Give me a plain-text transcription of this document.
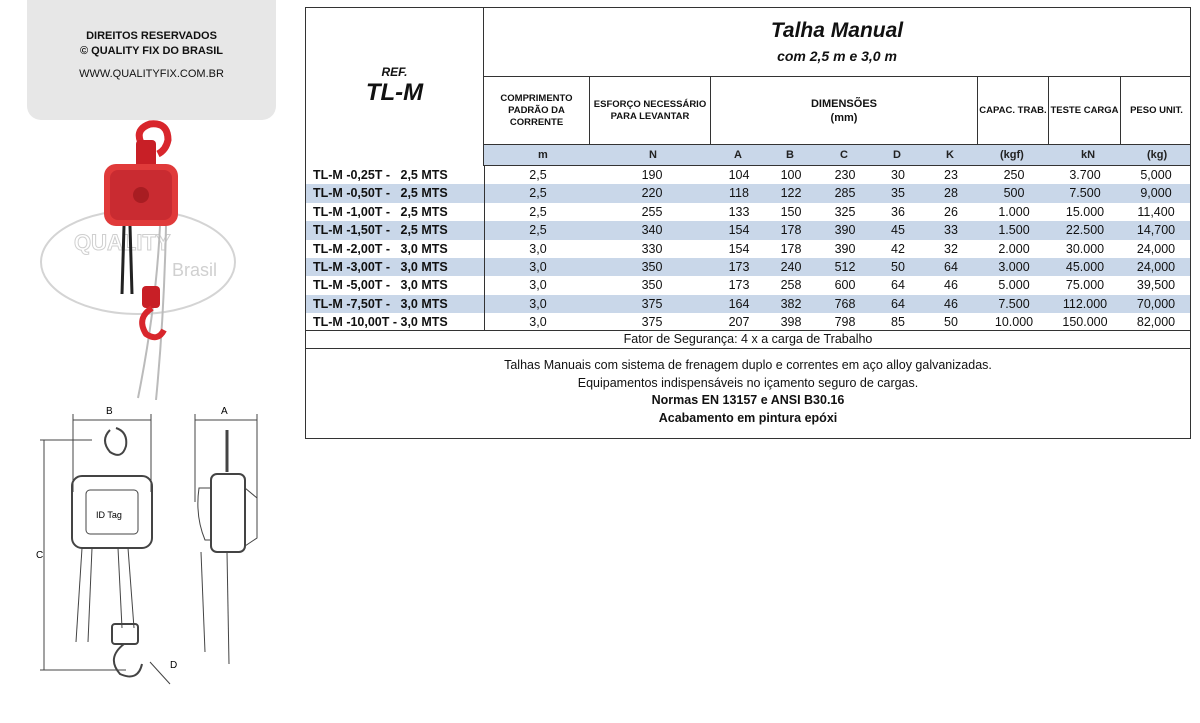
DIREITOS RESERVADOS
© QUALITY FIX DO BRASIL
WWW.QUALITYFIX.COM.BR
QUALITY
Brasil
B
C
D
ID Tag
A
REF.
TL-M
Talha Manual
com 2,5 m e 3,0 m
COMPRIMENTO PADRÃO DA CORRENTE
ESFORÇO NECESSÁRIO PARA LEVANTAR
DIMENSÕES
(mm)
CAPAC. TRAB. TESTE CARGA	PESO UNIT.
m	N	A	B	C	D	K	(kgf)	kN	(kg)
TL-M -0,25T -   2,5 MTS	2,5	190	104 100	230	30	23	250	3.700	5,000
TL-M -0,50T -   2,5 MTS	2,5	220	118	122	285	35	28	500	7.500	9,000
TL-M -1,00T -   2,5 MTS	2,5	255	133 150	325	36	26	1.000	15.000	11,400
TL-M -1,50T -   2,5 MTS	2,5	340	154 178	390	45	33	1.500	22.500	14,700
TL-M -2,00T -   3,0 MTS	3,0	330	154 178	390	42	32	2.000	30.000	24,000
TL-M -3,00T -   3,0 MTS	3,0	350	173 240	512	50	64	3.000	45.000	24,000
TL-M -5,00T -   3,0 MTS	3,0	350	173 258	600	64	46	5.000	75.000	39,500
TL-M -7,50T -   3,0 MTS	3,0	375	164 382	768	64	46	7.500	112.000 70,000
TL-M -10,00T - 3,0 MTS	3,0	375	207 398	798	85	50	10.000 150.000 82,000
Fator de Segurança: 4 x a carga de Trabalho
Talhas Manuais com sistema de frenagem duplo e correntes em aço alloy galvanizadas.
Equipamentos indispensáveis no içamento seguro de cargas.
Normas EN 13157 e ANSI B30.16
Acabamento em pintura epóxi
